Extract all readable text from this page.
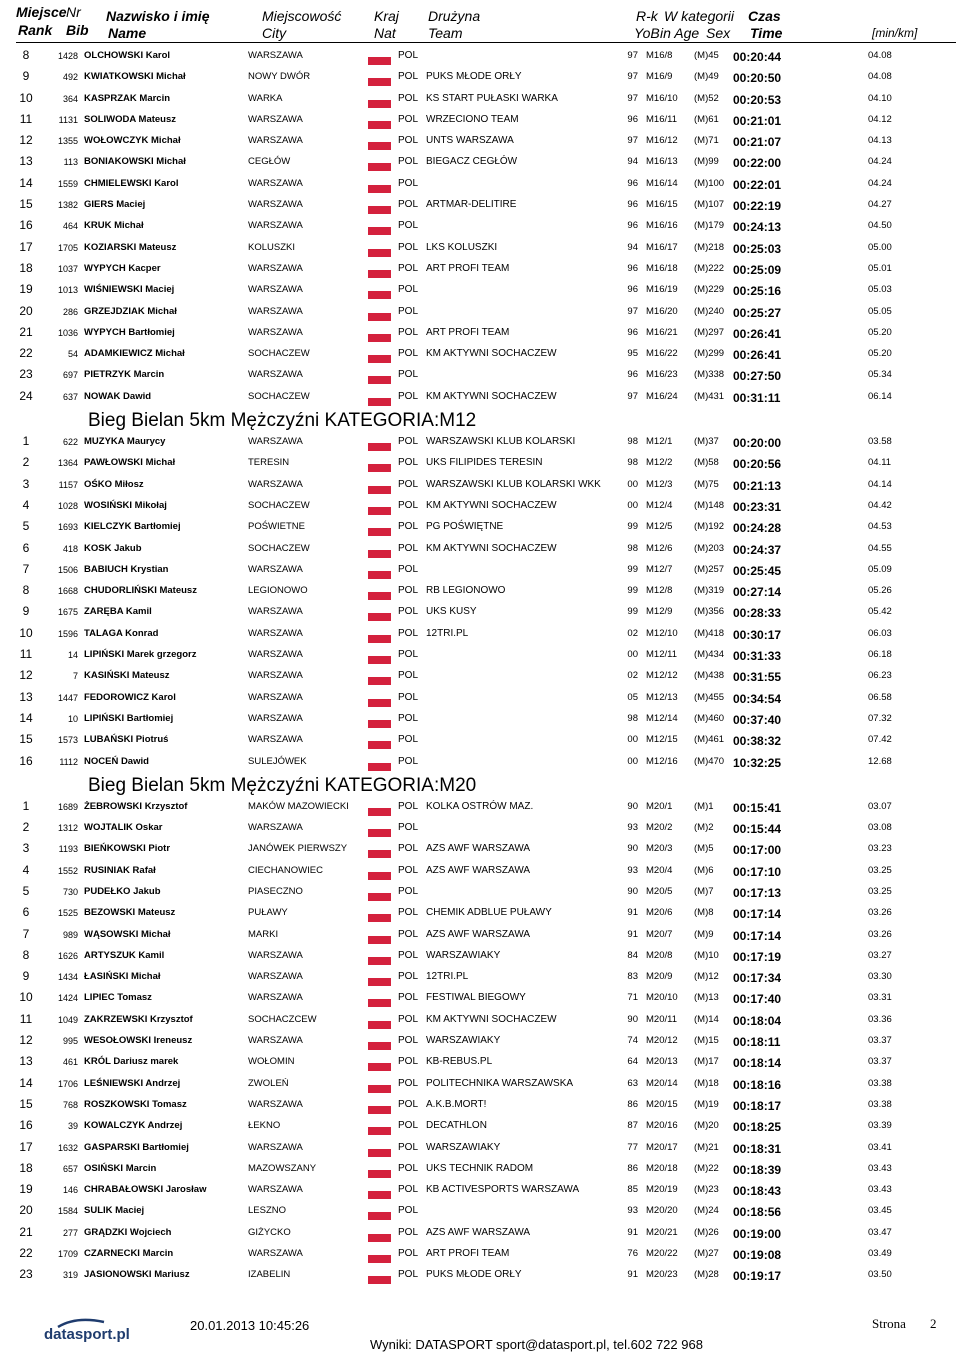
Miejsce
Rank
Nr
Bib
Nazwisko i imię
Name
Miejscowość
City
Kraj
Nat
Drużyna
Team
R-k
YoB
W kategorii
in Age Sex
Czas
Time	[min/km]
8	1428 OLCHOWSKI Karol	WARSZAWA	POL	97 M16/8 (M)45 00:20:44	04.08
9	492 KWIATKOWSKI Michał	NOWY DWÓR	POL PUKS MŁODE ORŁY	97 M16/9 (M)49 00:20:50	04.08
10	364 KASPRZAK Marcin	WARKA	POL KS START PUŁASKI WARKA	97 M16/10 (M)52 00:20:53	04.10
11	1131 SOLIWODA Mateusz	WARSZAWA	POL WRZECIONO TEAM	96 M16/11 (M)61 00:21:01	04.12
12	1355 WOŁOWCZYK Michał	WARSZAWA	POL UNTS WARSZAWA	97 M16/12 (M)71 00:21:07	04.13
13	113 BONIAKOWSKI Michał	CEGŁÓW	POL BIEGACZ CEGŁÓW	94 M16/13 (M)99 00:22:00	04.24
14	1559 CHMIELEWSKI Karol	WARSZAWA	POL	96 M16/14 (M)100 00:22:01	04.24
15	1382 GIERS Maciej	WARSZAWA	POL ARTMAR-DELITIRE	96 M16/15 (M)107 00:22:19	04.27
16	464 KRUK Michał	WARSZAWA	POL	96 M16/16 (M)179 00:24:13	04.50
17	1705 KOZIARSKI Mateusz	KOLUSZKI	POL LKS KOLUSZKI	94 M16/17 (M)218 00:25:03	05.00
18	1037 WYPYCH Kacper	WARSZAWA	POL ART PROFI TEAM	96 M16/18 (M)222 00:25:09	05.01
19	1013 WIŚNIEWSKI Maciej	WARSZAWA	POL	96 M16/19 (M)229 00:25:16	05.03
20	286 GRZEJDZIAK Michał	WARSZAWA	POL	97 M16/20 (M)240 00:25:27	05.05
21	1036 WYPYCH Bartłomiej	WARSZAWA	POL ART PROFI TEAM	96 M16/21 (M)297 00:26:41	05.20
22	54 ADAMKIEWICZ Michał	SOCHACZEW	POL KM AKTYWNI SOCHACZEW	95 M16/22 (M)299 00:26:41	05.20
23	697 PIETRZYK Marcin	WARSZAWA	POL	96 M16/23 (M)338 00:27:50	05.34
24	637 NOWAK Dawid	SOCHACZEW	POL KM AKTYWNI SOCHACZEW	97 M16/24 (M)431 00:31:11	06.14
Bieg Bielan 5km Mężczyźni KATEGORIA:M12
1	622 MUZYKA Maurycy	WARSZAWA	POL WARSZAWSKI KLUB KOLARSKI	98 M12/1 (M)37 00:20:00	03.58
2	1364 PAWŁOWSKI Michał	TERESIN	POL UKS FILIPIDES TERESIN	98 M12/2 (M)58 00:20:56	04.11
3	1157 OŚKO Miłosz	WARSZAWA	POL WARSZAWSKI KLUB KOLARSKI WKK	00 M12/3 (M)75 00:21:13	04.14
4	1028 WOSIŃSKI Mikołaj	SOCHACZEW	POL KM AKTYWNI SOCHACZEW	00 M12/4 (M)148 00:23:31	04.42
5	1693 KIELCZYK Bartłomiej	POŚWIETNE	POL PG POŚWIĘTNE	99 M12/5 (M)192 00:24:28	04.53
6	418 KOSK Jakub	SOCHACZEW	POL KM AKTYWNI SOCHACZEW	98 M12/6 (M)203 00:24:37	04.55
7	1506 BABIUCH Krystian	WARSZAWA	POL	99 M12/7 (M)257 00:25:45	05.09
8	1668 CHUDORLIŃSKI Mateusz	LEGIONOWO	POL RB LEGIONOWO	99 M12/8 (M)319 00:27:14	05.26
9	1675 ZARĘBA Kamil	WARSZAWA	POL UKS KUSY	99 M12/9 (M)356 00:28:33	05.42
10	1596 TALAGA Konrad	WARSZAWA	POL 12TRI.PL	02 M12/10 (M)418 00:30:17	06.03
11	14 LIPIŃSKI Marek grzegorz	WARSZAWA	POL	00 M12/11 (M)434 00:31:33	06.18
12	7 KASIŃSKI Mateusz	WARSZAWA	POL	02 M12/12 (M)438 00:31:55	06.23
13	1447 FEDOROWICZ Karol	WARSZAWA	POL	05 M12/13 (M)455 00:34:54	06.58
14	10 LIPIŃSKI Bartłomiej	WARSZAWA	POL	98 M12/14 (M)460 00:37:40	07.32
15	1573 LUBAŃSKI Piotruś	WARSZAWA	POL	00 M12/15 (M)461 00:38:32	07.42
16	1112 NOCEŃ Dawid	SULEJÓWEK	POL	00 M12/16 (M)470 10:32:25	12.68
Bieg Bielan 5km Mężczyźni KATEGORIA:M20
1	1689 ŻEBROWSKI Krzysztof	MAKÓW MAZOWIECKI	POL KOLKA OSTRÓW MAZ.	90 M20/1 (M)1 00:15:41	03.07
2	1312 WOJTALIK Oskar	WARSZAWA	POL	93 M20/2 (M)2 00:15:44	03.08
3	1193 BIEŃKOWSKI Piotr	JANÓWEK PIERWSZY	POL AZS AWF WARSZAWA	90 M20/3 (M)5 00:17:00	03.23
4	1552 RUSINIAK Rafał	CIECHANOWIEC	POL AZS AWF WARSZAWA	93 M20/4 (M)6 00:17:10	03.25
5	730 PUDEŁKO Jakub	PIASECZNO	POL	90 M20/5 (M)7 00:17:13	03.25
6	1525 BEZOWSKI Mateusz	PUŁAWY	POL CHEMIK ADBLUE PUŁAWY	91 M20/6 (M)8 00:17:14	03.26
7	989 WĄSOWSKI Michał	MARKI	POL AZS AWF WARSZAWA	91 M20/7 (M)9 00:17:14	03.26
8	1626 ARTYSZUK Kamil	WARSZAWA	POL WARSZAWIAKY	84 M20/8 (M)10 00:17:19	03.27
9	1434 ŁASIŃSKI Michał	WARSZAWA	POL 12TRI.PL	83 M20/9 (M)12 00:17:34	03.30
10	1424 LIPIEC Tomasz	WARSZAWA	POL FESTIWAL BIEGOWY	71 M20/10 (M)13 00:17:40	03.31
11	1049 ZAKRZEWSKI Krzysztof	SOCHACZCEW	POL KM AKTYWNI SOCHACZEW	90 M20/11 (M)14 00:18:04	03.36
12	995 WESOŁOWSKI Ireneusz	WARSZAWA	POL WARSZAWIAKY	74 M20/12 (M)15 00:18:11	03.37
13	461 KRÓL Dariusz marek	WOŁOMIN	POL KB-REBUS.PL	64 M20/13 (M)17 00:18:14	03.37
14	1706 LEŚNIEWSKI Andrzej	ZWOLEŃ	POL POLITECHNIKA WARSZAWSKA	63 M20/14 (M)18 00:18:16	03.38
15	768 ROSZKOWSKI Tomasz	WARSZAWA	POL A.K.B.MORT!	86 M20/15 (M)19 00:18:17	03.38
16	39 KOWALCZYK Andrzej	ŁEKNO	POL DECATHLON	87 M20/16 (M)20 00:18:25	03.39
17	1632 GASPARSKI Bartłomiej	WARSZAWA	POL WARSZAWIAKY	77 M20/17 (M)21 00:18:31	03.41
18	657 OSIŃSKI Marcin	MAZOWSZANY	POL UKS TECHNIK RADOM	86 M20/18 (M)22 00:18:39	03.43
19	146 CHRABAŁOWSKI Jarosław	WARSZAWA	POL KB ACTIVESPORTS WARSZAWA	85 M20/19 (M)23 00:18:43	03.43
20	1584 SULIK Maciej	LESZNO	POL	93 M20/20 (M)24 00:18:56	03.45
21	277 GRĄDZKI Wojciech	GIŻYCKO	POL AZS AWF WARSZAWA	91 M20/21 (M)26 00:19:00	03.47
22	1709 CZARNECKI Marcin	WARSZAWA	POL ART PROFI TEAM	76 M20/22 (M)27 00:19:08	03.49
23	319 JASIONOWSKI Mariusz	IZABELIN	POL PUKS MŁODE ORŁY	91 M20/23 (M)28 00:19:17	03.50
datasport.pl
20.01.2013 10:45:26
Wyniki: DATASPORT sport@datasport.pl, tel.602 722 968
Strona 2
